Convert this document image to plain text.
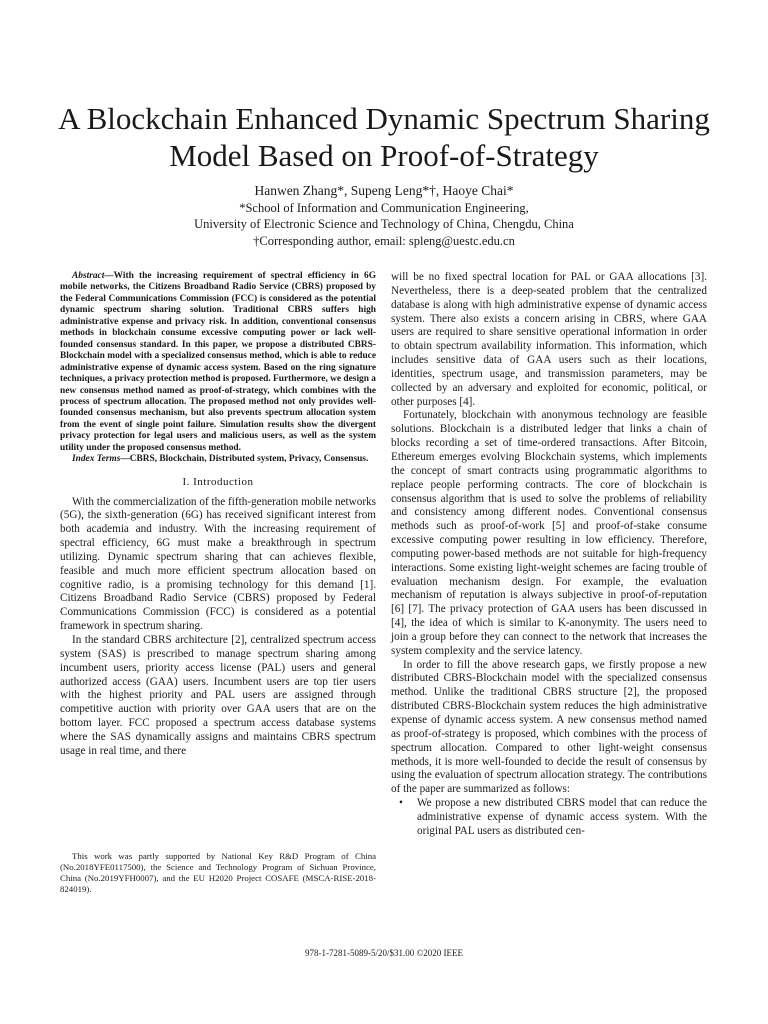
A Blockchain Enhanced Dynamic Spectrum Sharing
Model Based on Proof-of-Strategy
Hanwen Zhang*, Supeng Leng*†, Haoye Chai*
*School of Information and Communication Engineering,
University of Electronic Science and Technology of China, Chengdu, China
†Corresponding author, email: spleng@uestc.edu.cn

Abstract—With the increasing requirement of spectral efficiency in 6G mobile networks, the Citizens Broadband Radio Service (CBRS) proposed by the Federal Communications Commission (FCC) is considered as the potential dynamic spectrum sharing solution. Traditional CBRS suffers high administrative expense and privacy risk. In addition, conventional consensus methods in blockchain consume excessive computing power or lack well-founded consensus standard. In this paper, we propose a distributed CBRS-Blockchain model with a specialized consensus method, which is able to reduce administrative expense of dynamic access system. Based on the ring signature techniques, a privacy protection method is proposed. Furthermore, we design a new consensus method named as proof-of-strategy, which combines with the process of spectrum allocation. The proposed method not only provides well-founded consensus mechanism, but also prevents spectrum allocation system from the event of single point failure. Simulation results show the divergent privacy protection for legal users and malicious users, as well as the system utility under the proposed consensus method.

Index Terms—CBRS, Blockchain, Distributed system, Privacy, Consensus.

I. Introduction

With the commercialization of the fifth-generation mobile networks (5G), the sixth-generation (6G) has received significant interest from both academia and industry. With the increasing requirement of spectral efficiency, 6G must make a breakthrough in spectrum utilizing. Dynamic spectrum sharing that can achieves flexible, feasible and much more efficient spectrum allocation based on cognitive radio, is a promising technology for this demand [1]. Citizens Broadband Radio Service (CBRS) proposed by Federal Communications Commission (FCC) is considered as a potential framework in spectrum sharing.

In the standard CBRS architecture [2], centralized spectrum access system (SAS) is prescribed to manage spectrum sharing among incumbent users, priority access license (PAL) users and general authorized access (GAA) users. Incumbent users are top tier users with the highest priority and PAL users are assigned through competitive auction with priority over GAA users that are on the bottom layer. FCC proposed a spectrum access database systems where the SAS dynamically assigns and maintains CBRS spectrum usage in real time, and there

will be no fixed spectral location for PAL or GAA allocations [3]. Nevertheless, there is a deep-seated problem that the centralized database is along with high administrative expense of dynamic access system. There also exists a concern arising in CBRS, where GAA users are required to share sensitive operational information in order to obtain spectrum availability information. This information, which includes sensitive data of GAA users such as their locations, identities, spectrum usage, and transmission parameters, may be collected by an adversary and exploited for economic, political, or other purposes [4].

Fortunately, blockchain with anonymous technology are feasible solutions. Blockchain is a distributed ledger that links a chain of blocks recording a set of time-ordered transactions. After Bitcoin, Ethereum emerges evolving Blockchain systems, which implements the concept of smart contracts using programmatic algorithms to replace people performing contracts. The core of blockchain is consensus algorithm that is used to solve the problems of reliability and consistency among different nodes. Conventional consensus methods such as proof-of-work [5] and proof-of-stake consume excessive computing power resulting in low efficiency. Therefore, computing power-based methods are not suitable for high-frequency interactions. Some existing light-weight schemes are facing trouble of evaluation mechanism design. For example, the evaluation mechanism of reputation is always subjective in proof-of-reputation [6] [7]. The privacy protection of GAA users has been discussed in [4], the idea of which is similar to K-anonymity. The users need to join a group before they can connect to the network that increases the system complexity and the service latency.

In order to fill the above research gaps, we firstly propose a new distributed CBRS-Blockchain model with the specialized consensus method. Unlike the traditional CBRS structure [2], the proposed distributed CBRS-Blockchain system reduces the high administrative expense of dynamic access system. A new consensus method named as proof-of-strategy is proposed, which combines with the process of spectrum allocation. Compared to other light-weight consensus methods, it is more well-founded to decide the result of consensus by using the evaluation of spectrum allocation strategy. The contributions of the paper are summarized as follows:

• We propose a new distributed CBRS model that can reduce the administrative expense of dynamic access system. With the original PAL users as distributed cen-
This work was partly supported by National Key R&D Program of China (No.2018YFE0117500), the Science and Technology Program of Sichuan Province, China (No.2019YFH0007), and the EU H2020 Project COSAFE (MSCA-RISE-2018-824019).
978-1-7281-5089-5/20/$31.00 ©2020 IEEE
